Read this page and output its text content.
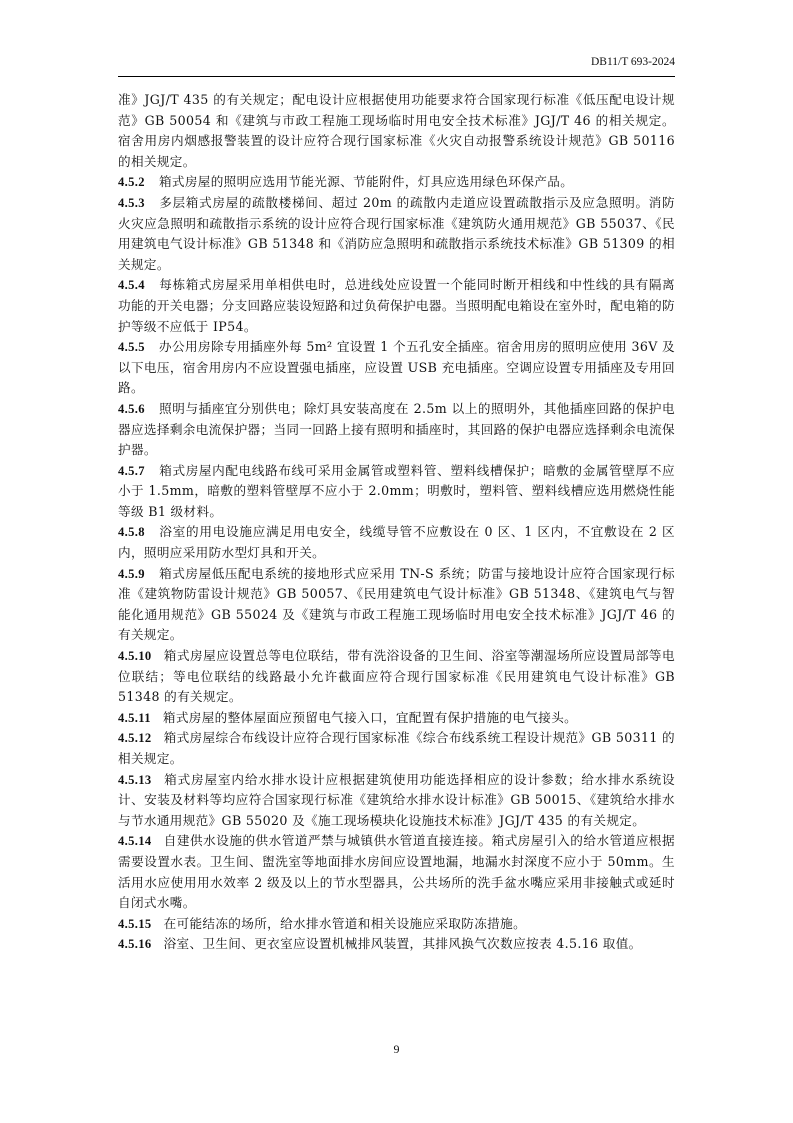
DB11/T 693-2024

准》JGJ/T 435 的有关规定；配电设计应根据使用功能要求符合国家现行标准《低压配电设计规范》GB 50054 和《建筑与市政工程施工现场临时用电安全技术标准》JGJ/T 46 的相关规定。宿舍用房内烟感报警装置的设计应符合现行国家标准《火灾自动报警系统设计规范》GB 50116 的相关规定。

4.5.2 箱式房屋的照明应选用节能光源、节能附件，灯具应选用绿色环保产品。

4.5.3 多层箱式房屋的疏散楼梯间、超过 20m 的疏散内走道应设置疏散指示及应急照明。消防火灾应急照明和疏散指示系统的设计应符合现行国家标准《建筑防火通用规范》GB 55037、《民用建筑电气设计标准》GB 51348 和《消防应急照明和疏散指示系统技术标准》GB 51309 的相关规定。

4.5.4 每栋箱式房屋采用单相供电时，总进线处应设置一个能同时断开相线和中性线的具有隔离功能的开关电器；分支回路应装设短路和过负荷保护电器。当照明配电箱设在室外时，配电箱的防护等级不应低于 IP54。

4.5.5 办公用房除专用插座外每 5m² 宜设置 1 个五孔安全插座。宿舍用房的照明应使用 36V 及以下电压，宿舍用房内不应设置强电插座，应设置 USB 充电插座。空调应设置专用插座及专用回路。

4.5.6 照明与插座宜分别供电；除灯具安装高度在 2.5m 以上的照明外，其他插座回路的保护电器应选择剩余电流保护器；当同一回路上接有照明和插座时，其回路的保护电器应选择剩余电流保护器。

4.5.7 箱式房屋内配电线路布线可采用金属管或塑料管、塑料线槽保护；暗敷的金属管壁厚不应小于 1.5mm，暗敷的塑料管壁厚不应小于 2.0mm；明敷时，塑料管、塑料线槽应选用燃烧性能等级 B1 级材料。

4.5.8 浴室的用电设施应满足用电安全，线缆导管不应敷设在 0 区、1 区内，不宜敷设在 2 区内，照明应采用防水型灯具和开关。

4.5.9 箱式房屋低压配电系统的接地形式应采用 TN-S 系统；防雷与接地设计应符合国家现行标准《建筑物防雷设计规范》GB 50057、《民用建筑电气设计标准》GB 51348、《建筑电气与智能化通用规范》GB 55024 及《建筑与市政工程施工现场临时用电安全技术标准》JGJ/T 46 的有关规定。

4.5.10 箱式房屋应设置总等电位联结，带有洗浴设备的卫生间、浴室等潮湿场所应设置局部等电位联结；等电位联结的线路最小允许截面应符合现行国家标准《民用建筑电气设计标准》GB 51348 的有关规定。

4.5.11 箱式房屋的整体屋面应预留电气接入口，宜配置有保护措施的电气接头。

4.5.12 箱式房屋综合布线设计应符合现行国家标准《综合布线系统工程设计规范》GB 50311 的相关规定。

4.5.13 箱式房屋室内给水排水设计应根据建筑使用功能选择相应的设计参数；给水排水系统设计、安装及材料等均应符合国家现行标准《建筑给水排水设计标准》GB 50015、《建筑给水排水与节水通用规范》GB 55020 及《施工现场模块化设施技术标准》JGJ/T 435 的有关规定。

4.5.14 自建供水设施的供水管道严禁与城镇供水管道直接连接。箱式房屋引入的给水管道应根据需要设置水表。卫生间、盥洗室等地面排水房间应设置地漏，地漏水封深度不应小于 50mm。生活用水应使用用水效率 2 级及以上的节水型器具，公共场所的洗手盆水嘴应采用非接触式或延时自闭式水嘴。

4.5.15 在可能结冻的场所，给水排水管道和相关设施应采取防冻措施。

4.5.16 浴室、卫生间、更衣室应设置机械排风装置，其排风换气次数应按表 4.5.16 取值。

9
